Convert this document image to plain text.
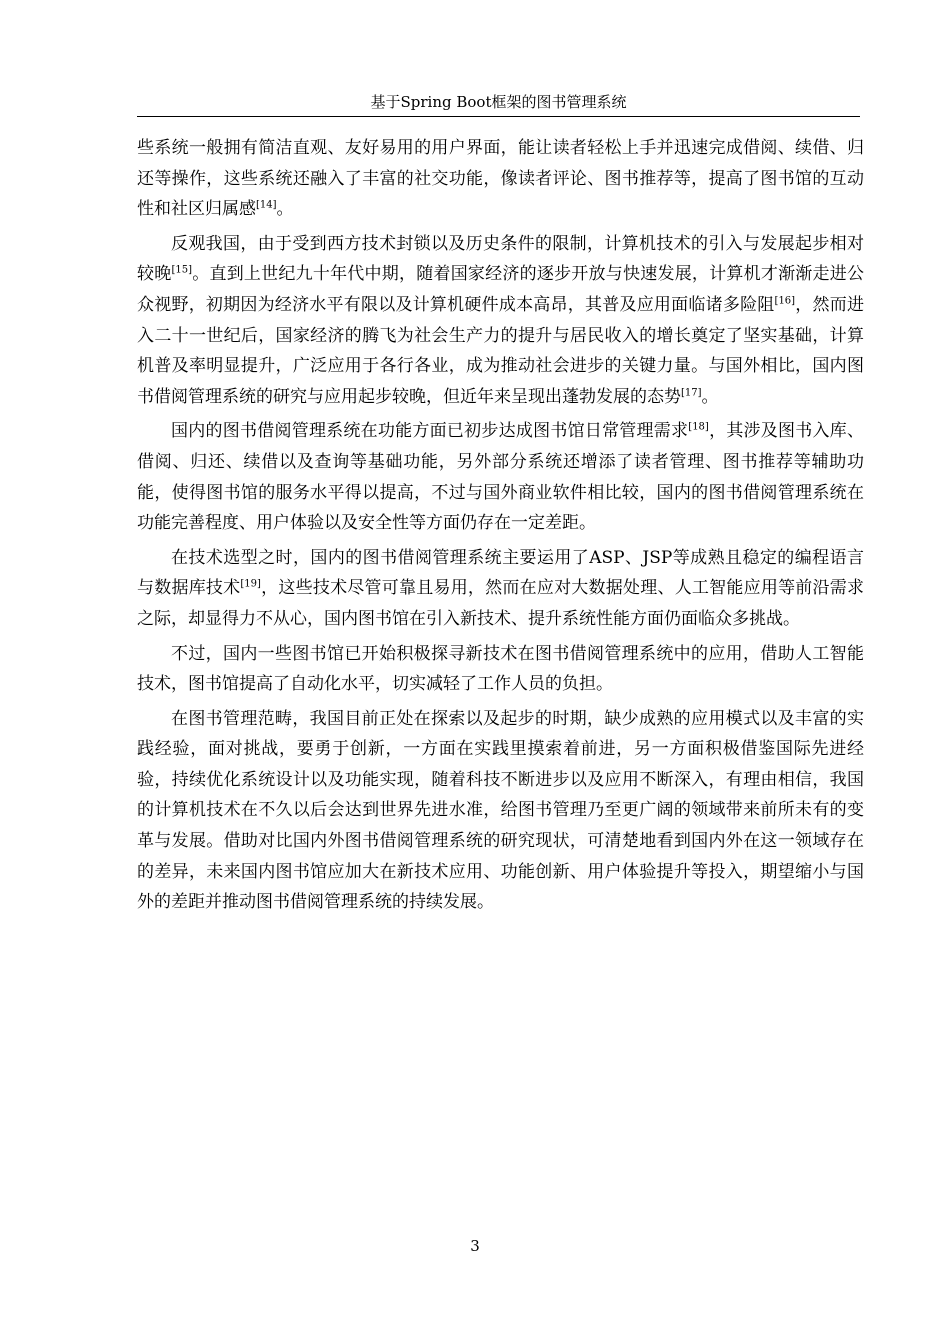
基于Spring Boot框架的图书管理系统

些系统一般拥有简洁直观、友好易用的用户界面，能让读者轻松上手并迅速完成借阅、续借、归还等操作，这些系统还融入了丰富的社交功能，像读者评论、图书推荐等，提高了图书馆的互动性和社区归属感[14]。

反观我国，由于受到西方技术封锁以及历史条件的限制，计算机技术的引入与发展起步相对较晚[15]。直到上世纪九十年代中期，随着国家经济的逐步开放与快速发展，计算机才渐渐走进公众视野，初期因为经济水平有限以及计算机硬件成本高昂，其普及应用面临诸多险阻[16]，然而进入二十一世纪后，国家经济的腾飞为社会生产力的提升与居民收入的增长奠定了坚实基础，计算机普及率明显提升，广泛应用于各行各业，成为推动社会进步的关键力量。与国外相比，国内图书借阅管理系统的研究与应用起步较晚，但近年来呈现出蓬勃发展的态势[17]。

国内的图书借阅管理系统在功能方面已初步达成图书馆日常管理需求[18]，其涉及图书入库、借阅、归还、续借以及查询等基础功能，另外部分系统还增添了读者管理、图书推荐等辅助功能，使得图书馆的服务水平得以提高，不过与国外商业软件相比较，国内的图书借阅管理系统在功能完善程度、用户体验以及安全性等方面仍存在一定差距。

在技术选型之时，国内的图书借阅管理系统主要运用了ASP、JSP等成熟且稳定的编程语言与数据库技术[19]，这些技术尽管可靠且易用，然而在应对大数据处理、人工智能应用等前沿需求之际，却显得力不从心，国内图书馆在引入新技术、提升系统性能方面仍面临众多挑战。

不过，国内一些图书馆已开始积极探寻新技术在图书借阅管理系统中的应用，借助人工智能技术，图书馆提高了自动化水平，切实减轻了工作人员的负担。

在图书管理范畴，我国目前正处在探索以及起步的时期，缺少成熟的应用模式以及丰富的实践经验，面对挑战，要勇于创新，一方面在实践里摸索着前进，另一方面积极借鉴国际先进经验，持续优化系统设计以及功能实现，随着科技不断进步以及应用不断深入，有理由相信，我国的计算机技术在不久以后会达到世界先进水准，给图书管理乃至更广阔的领域带来前所未有的变革与发展。借助对比国内外图书借阅管理系统的研究现状，可清楚地看到国内外在这一领域存在的差异，未来国内图书馆应加大在新技术应用、功能创新、用户体验提升等投入，期望缩小与国外的差距并推动图书借阅管理系统的持续发展。

3
